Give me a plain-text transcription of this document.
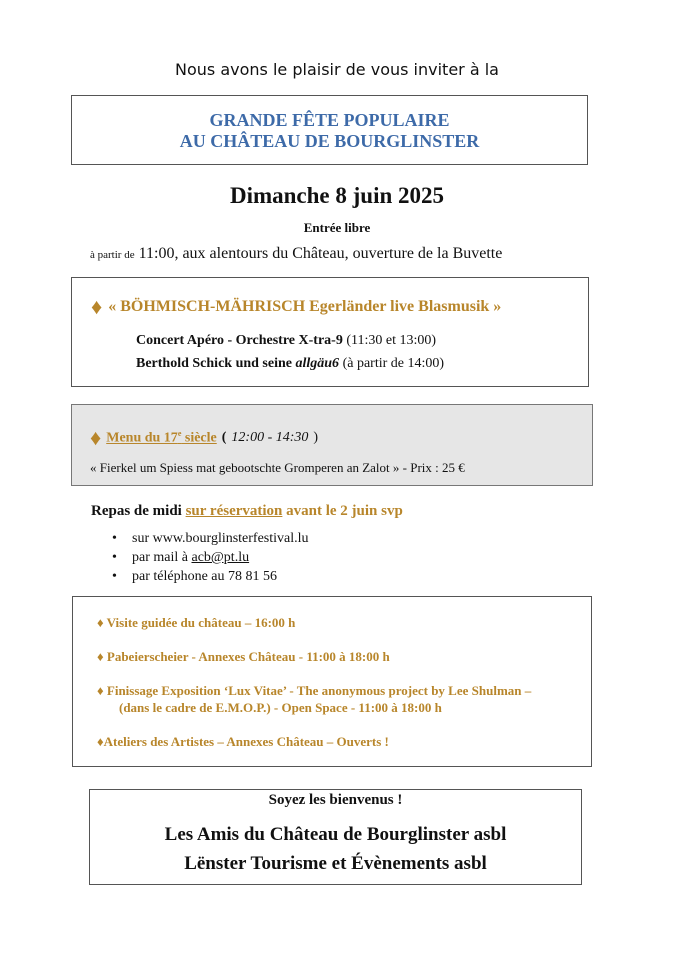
Nous avons le plaisir de vous inviter à la
GRANDE FÊTE POPULAIRE
AU CHÂTEAU DE BOURGLINSTER
Dimanche 8 juin 2025
Entrée libre
à partir de 11:00, aux alentours du Château, ouverture de la Buvette
♦ « BÖHMISCH-MÄHRISCH Egerländer live Blasmusik »
Concert Apéro - Orchestre X-tra-9 (11:30 et 13:00)
Berthold Schick und seine allgäu6 (à partir de 14:00)
♦ Menu du 17e siècle ( 12:00 - 14:30 )
« Fierkel um Spiess mat gebootschte Gromperen an Zalot » - Prix : 25 €
Repas de midi sur réservation avant le 2 juin svp
• sur www.bourglinsterfestival.lu
• par mail à acb@pt.lu
• par téléphone au 78 81 56
♦ Visite guidée du château – 16:00 h
♦ Pabeierscheier - Annexes Château - 11:00 à 18:00 h
♦ Finissage Exposition ‘Lux Vitae’ - The anonymous project by Lee Shulman –
(dans le cadre de E.M.O.P.) - Open Space - 11:00 à 18:00 h
♦Ateliers des Artistes – Annexes Château – Ouverts !
Soyez les bienvenus !
Les Amis du Château de Bourglinster asbl
Lënster Tourisme et Évènements asbl
